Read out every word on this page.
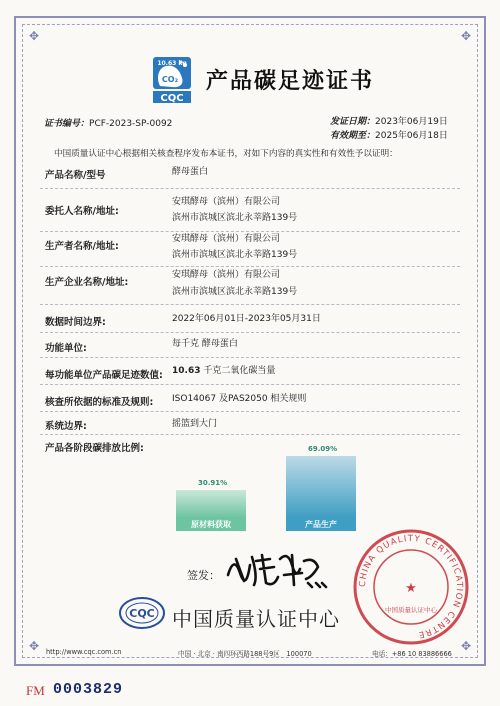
✥	✥
✥	✥
10.63 kg
CO₂
CQC
产品碳足迹证书
证书编号：PCF-2023-SP-0092	发证日期：2023年06月19日
有效期至：2025年06月18日
中国质量认证中心根据相关核查程序发布本证书，对如下内容的真实性和有效性予以证明：
产品名称/型号	酵母蛋白
委托人名称/地址:
安琪酵母（滨州）有限公司
滨州市滨城区滨北永莘路139号
生产者名称/地址:
安琪酵母（滨州）有限公司
滨州市滨城区滨北永莘路139号
生产企业名称/地址:
安琪酵母（滨州）有限公司
滨州市滨城区滨北永莘路139号
数据时间边界:	2022年06月01日-2023年05月31日
功能单位:	每千克 酵母蛋白
每功能单位产品碳足迹数值: 10.63 千克二氧化碳当量
核查所依据的标准及规则: ISO14067 及PAS2050 相关规则
系统边界:	摇篮到大门
产品各阶段碳排放比例:
30.91%
原材料获取
69.09%
产品生产
签发：
CHINA QUALITY CERTIFICATION CENTRE
★
中国质量认证中心
CQC 中国质量认证中心
http://www.cqc.com.cn	中国 · 北京 · 南四环西路188号9区　100070	电话：+86 10 83886666
FM 0003829
